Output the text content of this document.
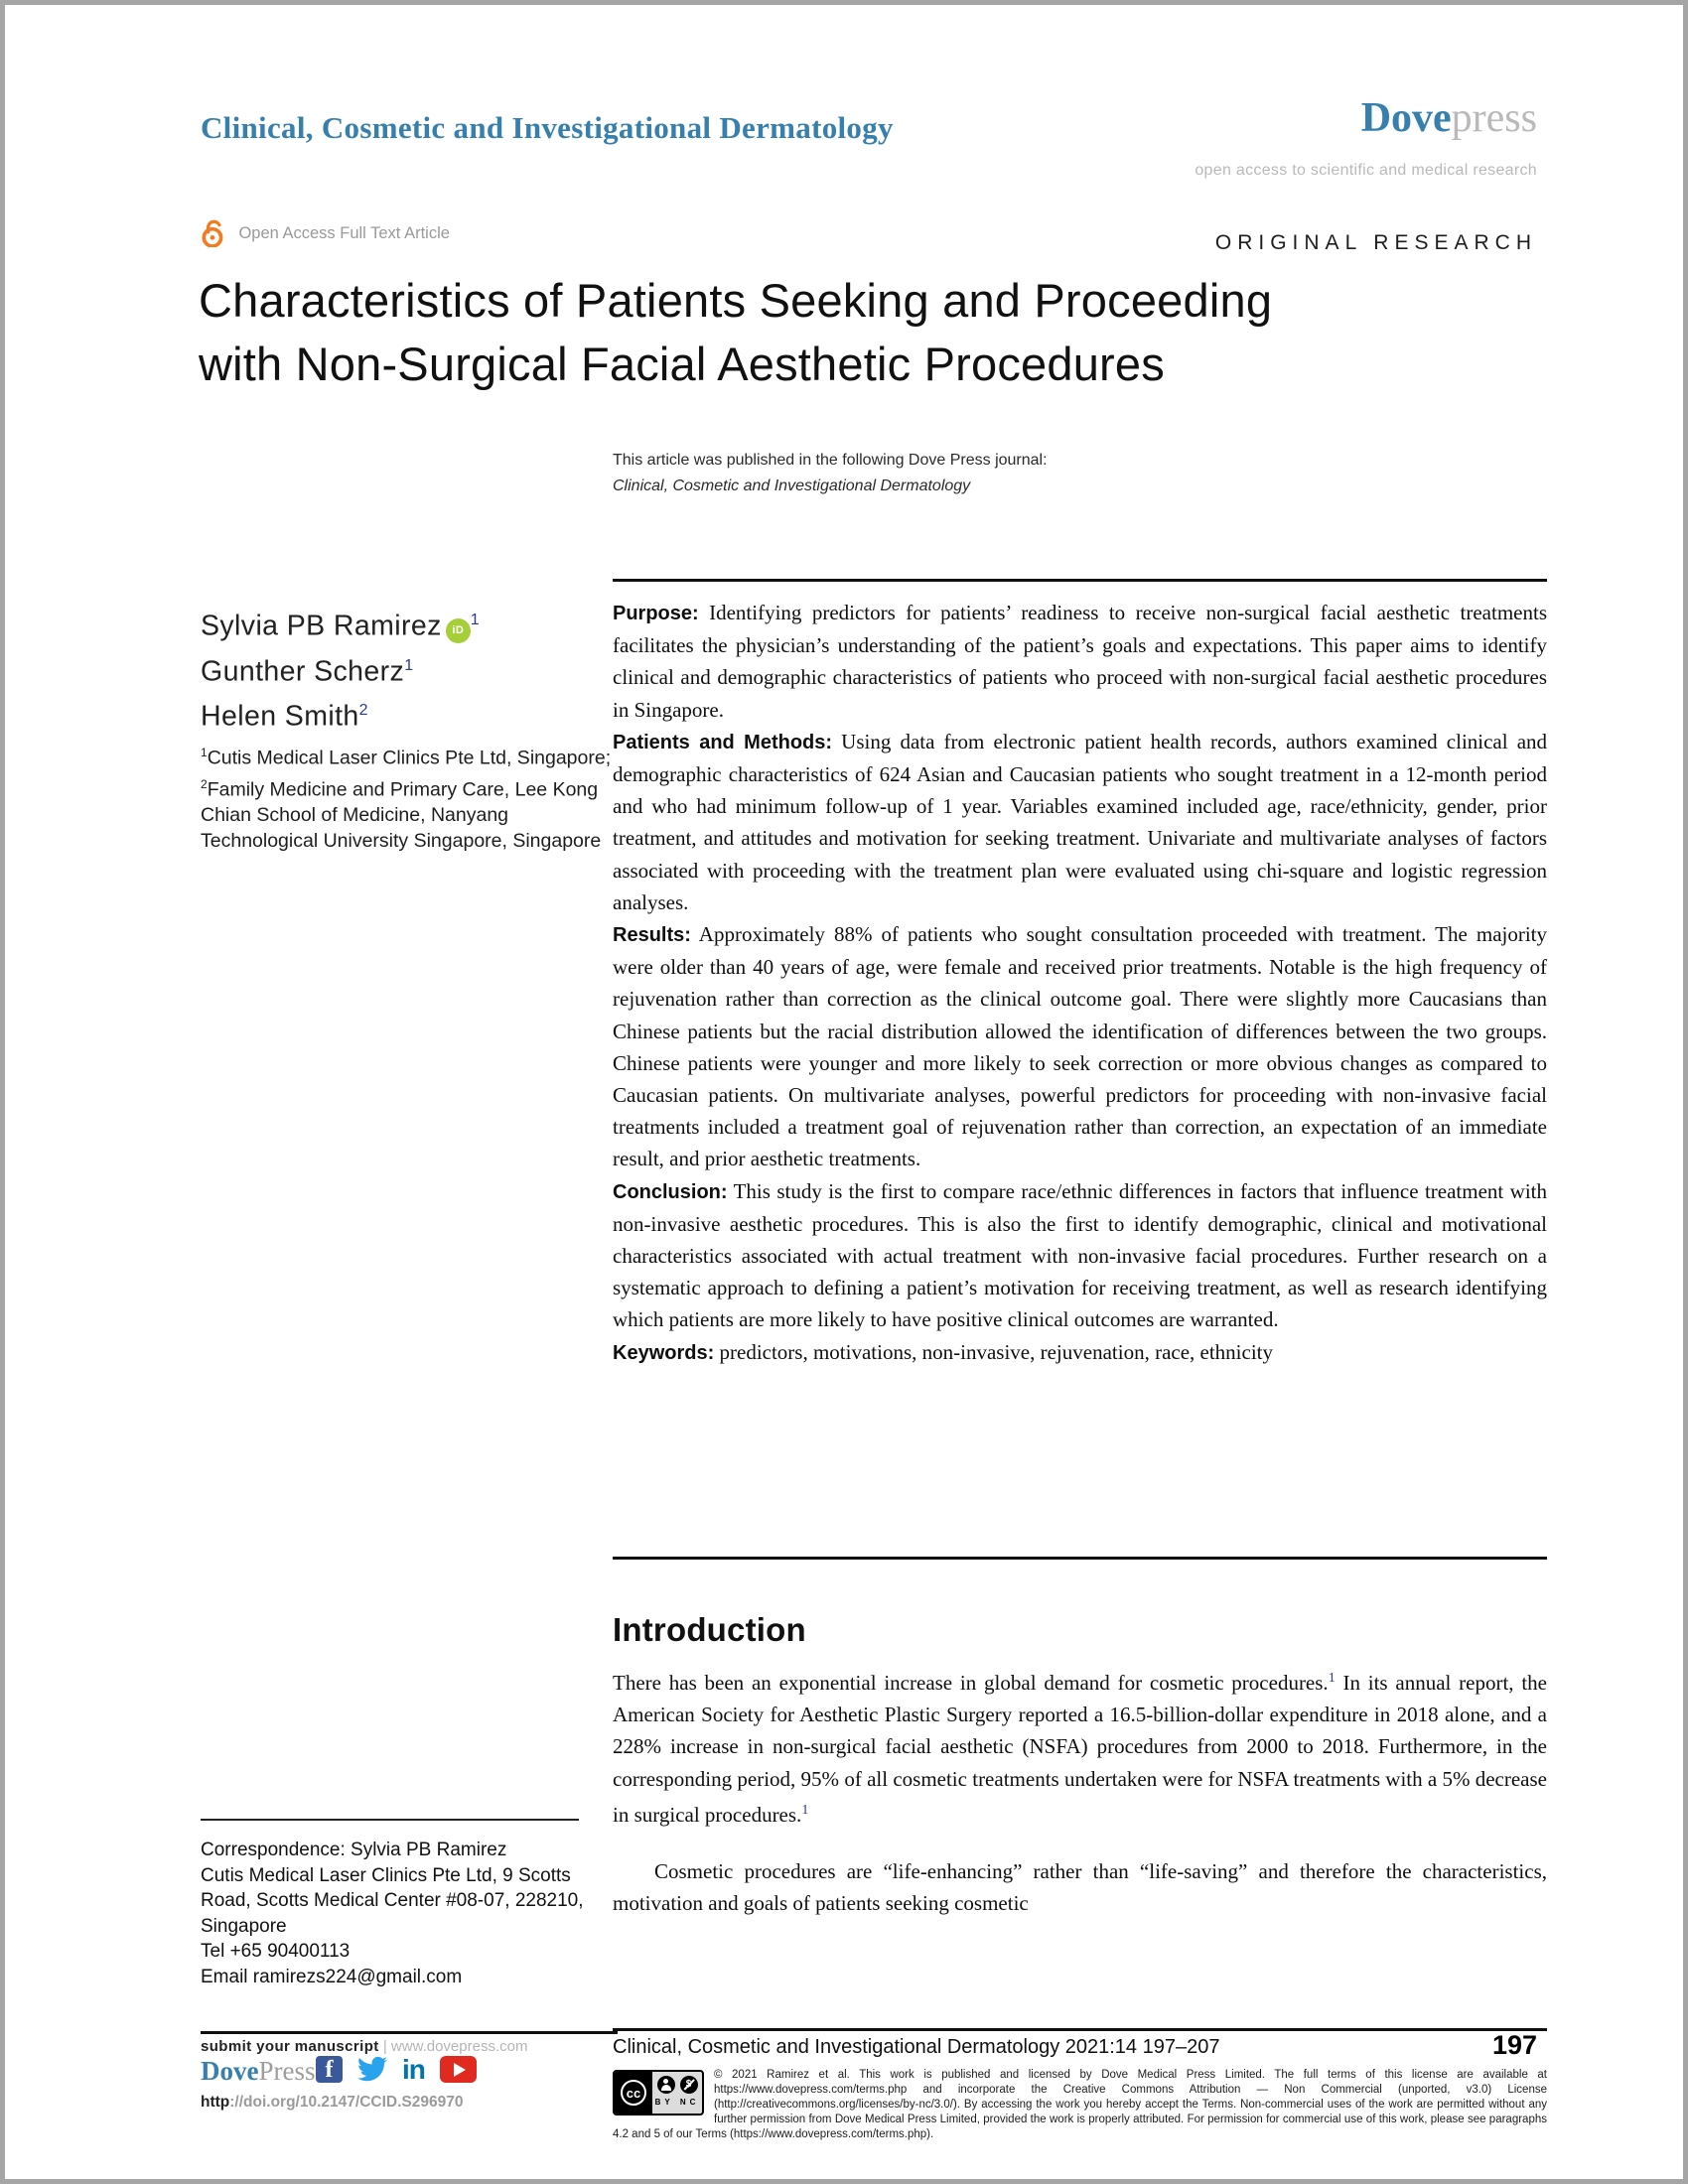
Clinical, Cosmetic and Investigational Dermatology	Dovepress
open access to scientific and medical research
Open Access Full Text Article	ORIGINAL RESEARCH
Characteristics of Patients Seeking and Proceeding
with Non-Surgical Facial Aesthetic Procedures
This article was published in the following Dove Press journal:
Clinical, Cosmetic and Investigational Dermatology
Sylvia PB Ramirez $iD^1$
Gunther Scherz$^1$
Helen Smith$^2$

$^1$Cutis Medical Laser Clinics Pte Ltd, Singapore; $^2$Family Medicine and Primary Care, Lee Kong Chian School of Medicine, Nanyang Technological University Singapore, Singapore

Correspondence: Sylvia PB Ramirez
Cutis Medical Laser Clinics Pte Ltd, 9 Scotts Road, Scotts Medical Center #08-07, 228210, Singapore
Tel +65 90400113
Email ramirezs224@gmail.com

Purpose: Identifying predictors for patients’ readiness to receive non-surgical facial aesthetic treatments facilitates the physician’s understanding of the patient’s goals and expectations. This paper aims to identify clinical and demographic characteristics of patients who proceed with non-surgical facial aesthetic procedures in Singapore.

Patients and Methods: Using data from electronic patient health records, authors examined clinical and demographic characteristics of 624 Asian and Caucasian patients who sought treatment in a 12-month period and who had minimum follow-up of 1 year. Variables examined included age, race/ethnicity, gender, prior treatment, and attitudes and motivation for seeking treatment. Univariate and multivariate analyses of factors associated with proceeding with the treatment plan were evaluated using chi-square and logistic regression analyses.

Results: Approximately 88% of patients who sought consultation proceeded with treatment. The majority were older than 40 years of age, were female and received prior treatments. Notable is the high frequency of rejuvenation rather than correction as the clinical outcome goal. There were slightly more Caucasians than Chinese patients but the racial distribution allowed the identification of differences between the two groups. Chinese patients were younger and more likely to seek correction or more obvious changes as compared to Caucasian patients. On multivariate analyses, powerful predictors for proceeding with non-invasive facial treatments included a treatment goal of rejuvenation rather than correction, an expectation of an immediate result, and prior aesthetic treatments.

Conclusion: This study is the first to compare race/ethnic differences in factors that influence treatment with non-invasive aesthetic procedures. This is also the first to identify demographic, clinical and motivational characteristics associated with actual treatment with non-invasive facial procedures. Further research on a systematic approach to defining a patient’s motivation for receiving treatment, as well as research identifying which patients are more likely to have positive clinical outcomes are warranted.

Keywords: predictors, motivations, non-invasive, rejuvenation, race, ethnicity

Introduction

There has been an exponential increase in global demand for cosmetic procedures.$^1$ In its annual report, the American Society for Aesthetic Plastic Surgery reported a 16.5-billion-dollar expenditure in 2018 alone, and a 228% increase in non-surgical facial aesthetic (NSFA) procedures from 2000 to 2018. Furthermore, in the corresponding period, 95% of all cosmetic treatments undertaken were for NSFA treatments with a 5% decrease in surgical procedures.$^1$

Cosmetic procedures are “life-enhancing” rather than “life-saving” and therefore the characteristics, motivation and goals of patients seeking cosmetic

submit your manuscript | www.dovepress.com
DovePress f	in
http://doi.org/10.2147/CCID.S296970
Clinical, Cosmetic and Investigational Dermatology 2021:14 197–207	197
cc
$
BY NC
© 2021 Ramirez et al. This work is published and licensed by Dove Medical Press Limited. The full terms of this license are available at https://www.dovepress.com/terms.php and incorporate the Creative Commons Attribution — Non Commercial (unported, v3.0) License (http://creativecommons.org/licenses/by-nc/3.0/). By accessing the work you hereby accept the Terms. Non-commercial uses of the work are permitted without any further permission from Dove Medical Press Limited, provided the work is properly attributed. For permission for commercial use of this work, please see paragraphs 4.2 and 5 of our Terms (https://www.dovepress.com/terms.php).
